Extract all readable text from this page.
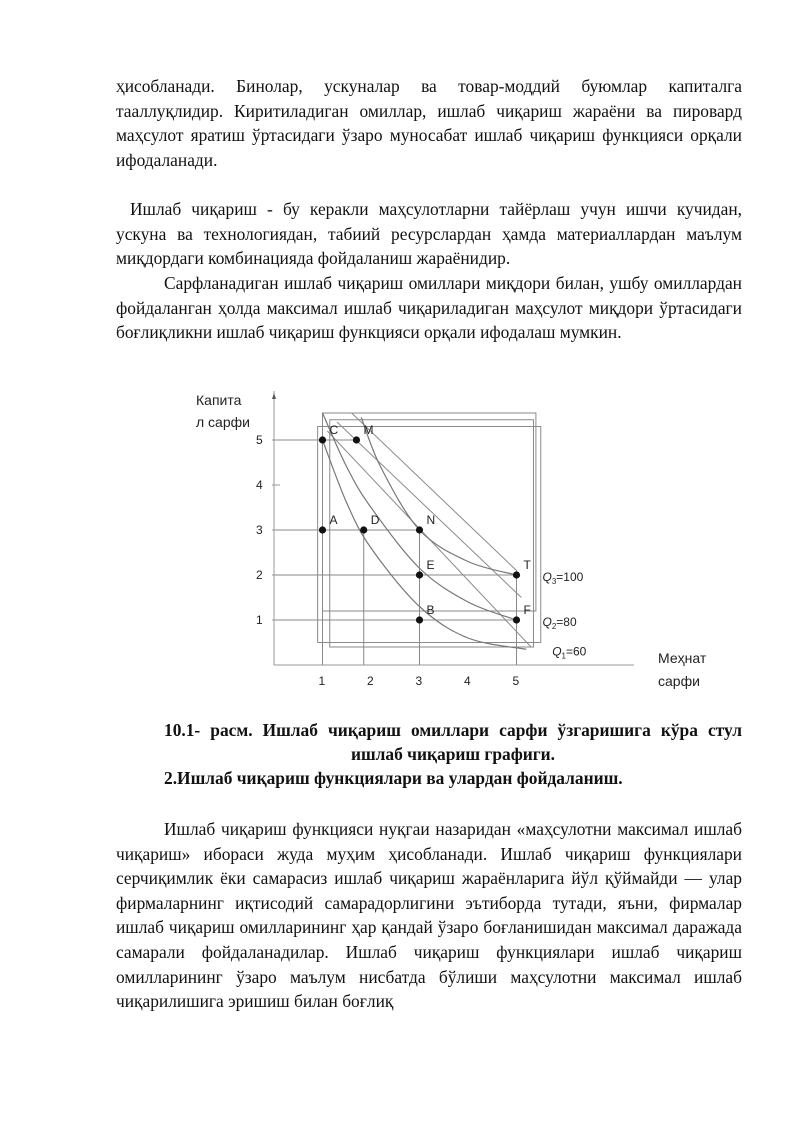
ҳисобланади. Бинолар, ускуналар ва товар-моддий буюмлар капиталга тааллуқлидир. Киритиладиган омиллар, ишлаб чиқариш жараёни ва пировард маҳсулот яратиш ўртасидаги ўзаро муносабат ишлаб чиқариш функцияси орқали ифодаланади.

Ишлаб чиқариш - бу керакли маҳсулотларни тайёрлаш учун ишчи кучидан, ускуна ва технологиядан, табиий ресурслардан ҳамда материаллардан маълум миқдордаги комбинацияда фойдаланиш жараёнидир.

Сарфланадиган ишлаб чиқариш омиллари миқдори билан, ушбу омиллардан фойдаланган ҳолда максимал ишлаб чиқариладиган маҳсулот миқдори ўртасидаги боғлиқликни ишлаб чиқариш функцияси орқали ифодалаш мумкин.

Капита
л сарфи
Меҳнат
сарфи
1	2	3	4	5
1
2
3
4
5
$Q_1=60$
$Q_2=80$
$Q_3=100$
M
C
A	D	N
E
B
T
F

10.1- расм. Ишлаб чиқариш омиллари сарфи ўзгаришига кўра стул ишлаб чиқариш графиги.

2.Ишлаб чиқариш функциялари ва улардан фойдаланиш.

Ишлаб чиқариш функцияси нуқгаи назаридан «маҳсулотни максимал ишлаб чиқариш» ибораси жуда муҳим ҳисобланади. Ишлаб чиқариш функциялари серчиқимлик ёки самарасиз ишлаб чиқариш жараёнларига йўл қўймайди — улар фирмаларнинг иқтисодий самарадорлигини эътиборда тутади, яъни, фирмалар ишлаб чиқариш омилларининг ҳар қандай ўзаро боғланишидан максимал даражада самарали фойдаланадилар. Ишлаб чиқариш функциялари ишлаб чиқариш омилларининг ўзаро маълум нисбатда бўлиши маҳсулотни максимал ишлаб чиқарилишига эришиш билан боғлиқ
